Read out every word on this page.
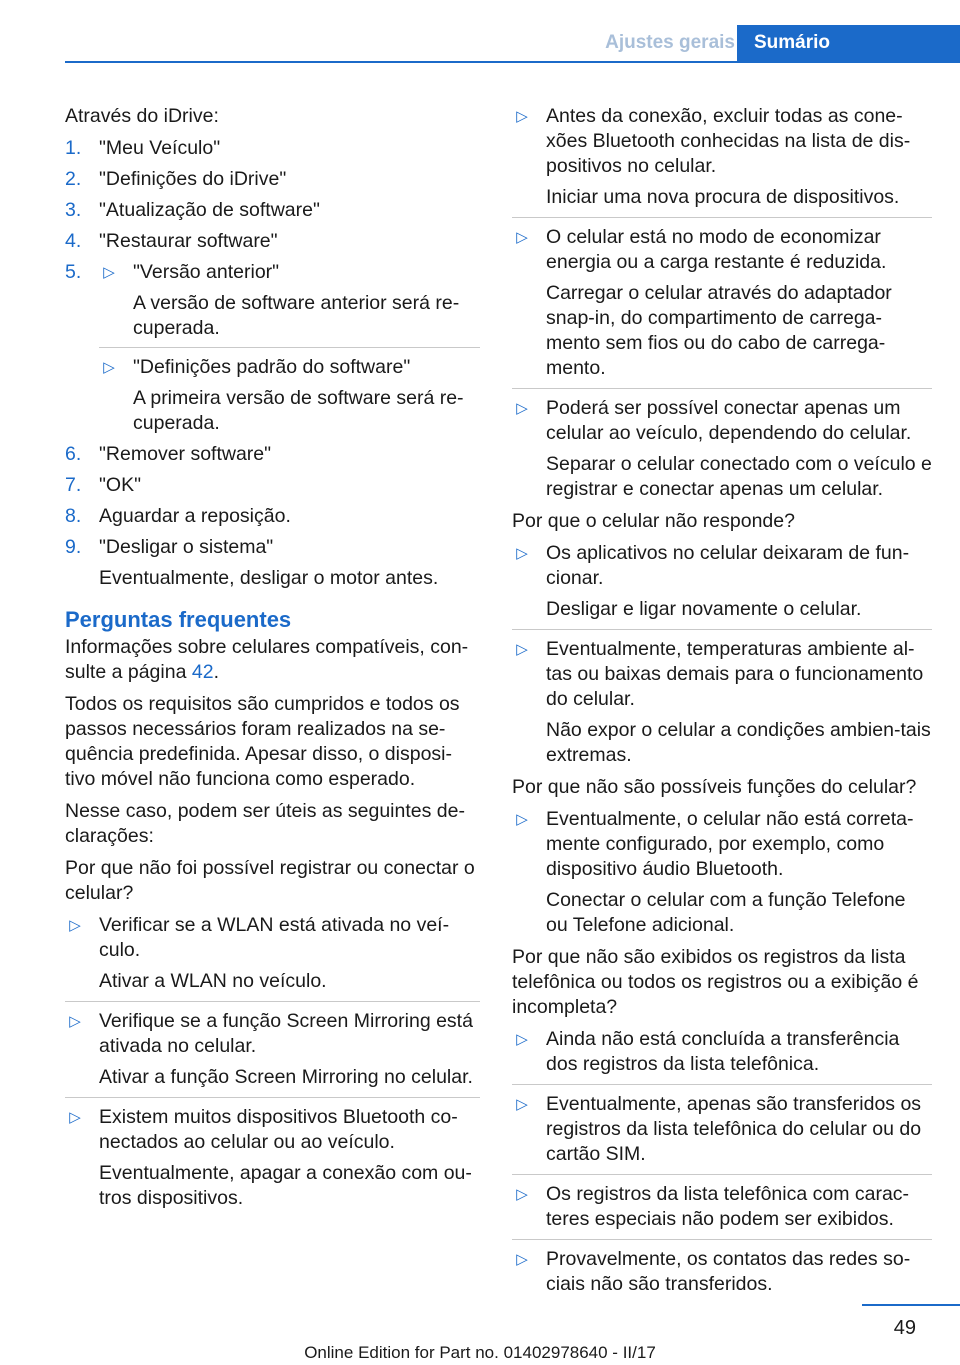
Ajustes gerais	Sumário

Através do iDrive:

1. "Meu Veículo"
2. "Definições do iDrive"
3. "Atualização de software"
4. "Restaurar software"
5. ▷ "Versão anterior"
A versão de software anterior será re-cuperada.
▷ "Definições padrão do software"
A primeira versão de software será re-cuperada.
6. "Remover software"
7. "OK"
8. Aguardar a reposição.
9. "Desligar o sistema"
Eventualmente, desligar o motor antes.
Perguntas frequentes

Informações sobre celulares compatíveis, con-sulte a página 42.

Todos os requisitos são cumpridos e todos os passos necessários foram realizados na se-quência predefinida. Apesar disso, o disposi-tivo móvel não funciona como esperado.

Nesse caso, podem ser úteis as seguintes de-clarações:

Por que não foi possível registrar ou conectar o celular?

▷ Verificar se a WLAN está ativada no veí-culo.
Ativar a WLAN no veículo.
▷ Verifique se a função Screen Mirroring está ativada no celular.
Ativar a função Screen Mirroring no celular.
▷ Existem muitos dispositivos Bluetooth co-nectados ao celular ou ao veículo.
Eventualmente, apagar a conexão com ou-tros dispositivos.
▷ Antes da conexão, excluir todas as cone-xões Bluetooth conhecidas na lista de dis-positivos no celular.
Iniciar uma nova procura de dispositivos.
▷ O celular está no modo de economizar energia ou a carga restante é reduzida.
Carregar o celular através do adaptador snap-in, do compartimento de carrega-mento sem fios ou do cabo de carrega-mento.
▷ Poderá ser possível conectar apenas um celular ao veículo, dependendo do celular.
Separar o celular conectado com o veículo e registrar e conectar apenas um celular.

Por que o celular não responde?

▷ Os aplicativos no celular deixaram de fun-cionar.
Desligar e ligar novamente o celular.
▷ Eventualmente, temperaturas ambiente al-tas ou baixas demais para o funcionamento do celular.
Não expor o celular a condições ambien-tais extremas.

Por que não são possíveis funções do celular?

▷ Eventualmente, o celular não está correta-mente configurado, por exemplo, como dispositivo áudio Bluetooth.
Conectar o celular com a função Telefone ou Telefone adicional.

Por que não são exibidos os registros da lista telefônica ou todos os registros ou a exibição é incompleta?

▷ Ainda não está concluída a transferência dos registros da lista telefônica.
▷ Eventualmente, apenas são transferidos os registros da lista telefônica do celular ou do cartão SIM.
▷ Os registros da lista telefônica com carac-teres especiais não podem ser exibidos.
▷ Provavelmente, os contatos das redes so-ciais não são transferidos.
49
Online Edition for Part no. 01402978640 - II/17
